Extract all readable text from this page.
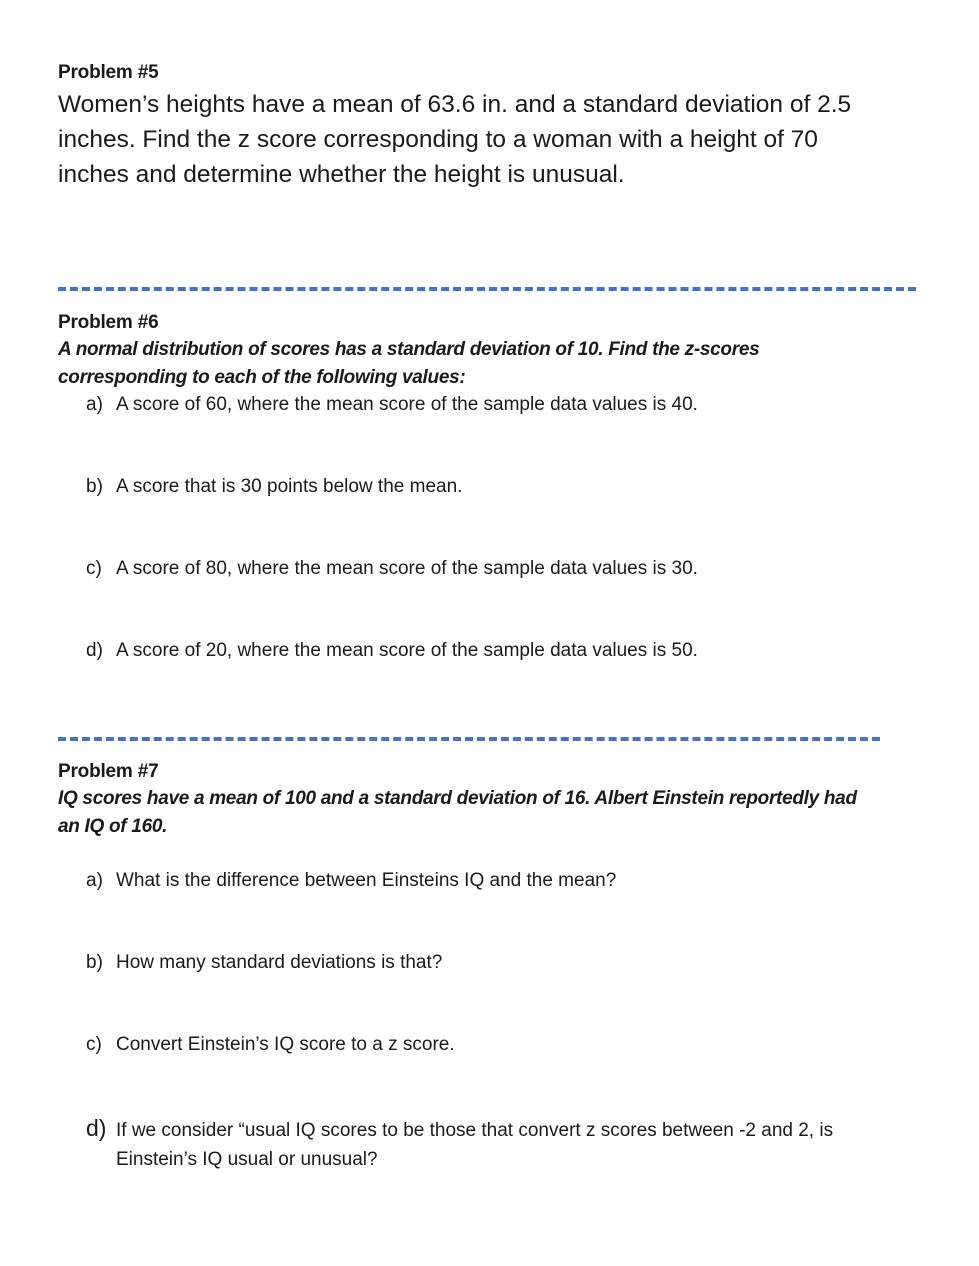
Problem #5
Women’s heights have a mean of 63.6 in. and a standard deviation of 2.5
inches. Find the z score corresponding to a woman with a height of 70
inches and determine whether the height is unusual.
Problem #6
A normal distribution of scores has a standard deviation of 10. Find the z-scores
corresponding to each of the following values:
a) A score of 60, where the mean score of the sample data values is 40.
b) A score that is 30 points below the mean.
c) A score of 80, where the mean score of the sample data values is 30.
d) A score of 20, where the mean score of the sample data values is 50.
Problem #7
IQ scores have a mean of 100 and a standard deviation of 16. Albert Einstein reportedly had
an IQ of 160.
a) What is the difference between Einsteins IQ and the mean?
b) How many standard deviations is that?
c) Convert Einstein’s IQ score to a z score.
d) If we consider “usual IQ scores to be those that convert z scores between -2 and 2, is
Einstein’s IQ usual or unusual?
